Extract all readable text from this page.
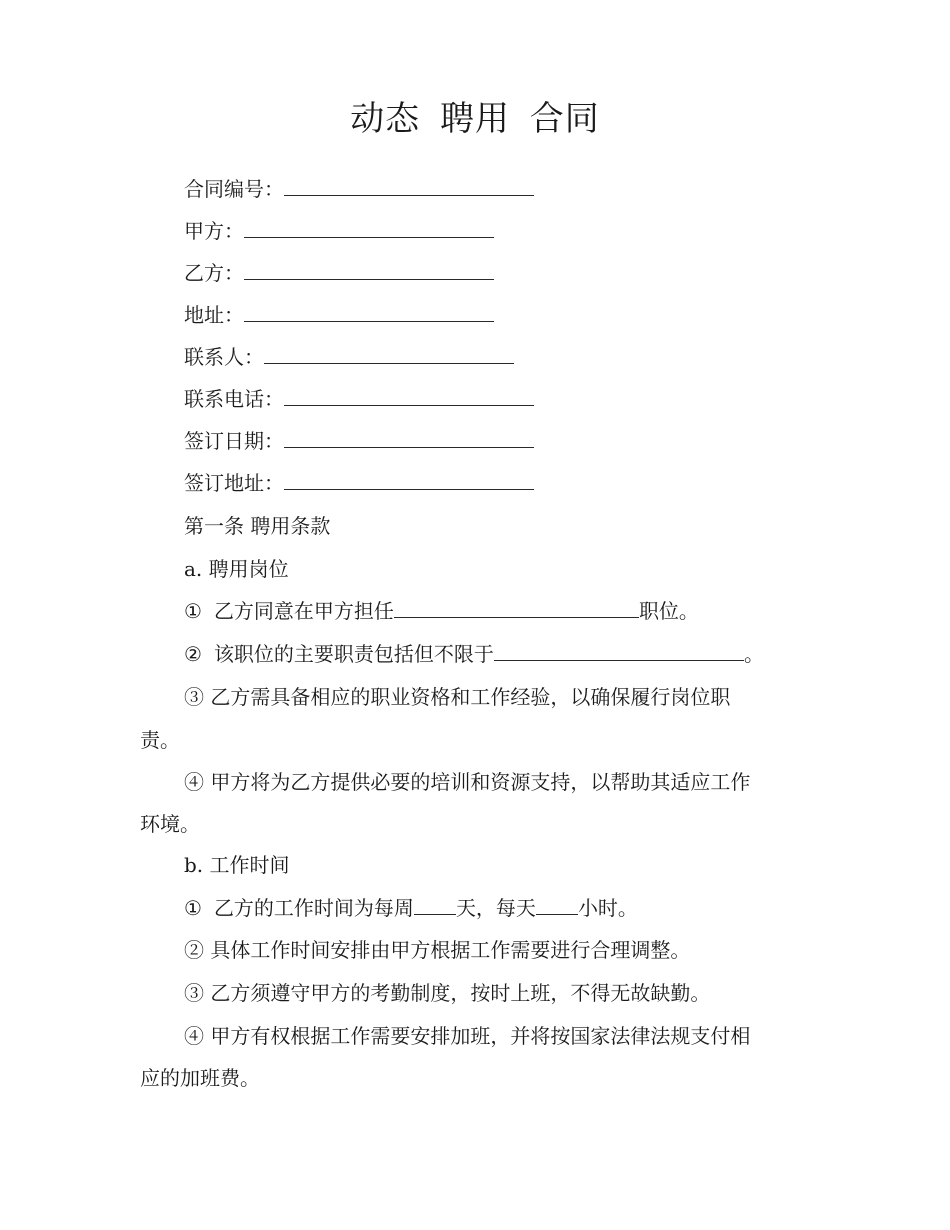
动态 聘用 合同
合同编号：
甲方：
乙方：
地址：
联系人：
联系电话：
签订日期：
签订地址：
第一条 聘用条款
a. 聘用岗位
① 乙方同意在甲方担任	职位。
② 该职位的主要职责包括但不限于	。
③ 乙方需具备相应的职业资格和工作经验，以确保履行岗位职
责。
④ 甲方将为乙方提供必要的培训和资源支持，以帮助其适应工作
环境。
b. 工作时间
① 乙方的工作时间为每周 天，每天 小时。
② 具体工作时间安排由甲方根据工作需要进行合理调整。
③ 乙方须遵守甲方的考勤制度，按时上班，不得无故缺勤。
④ 甲方有权根据工作需要安排加班，并将按国家法律法规支付相
应的加班费。
